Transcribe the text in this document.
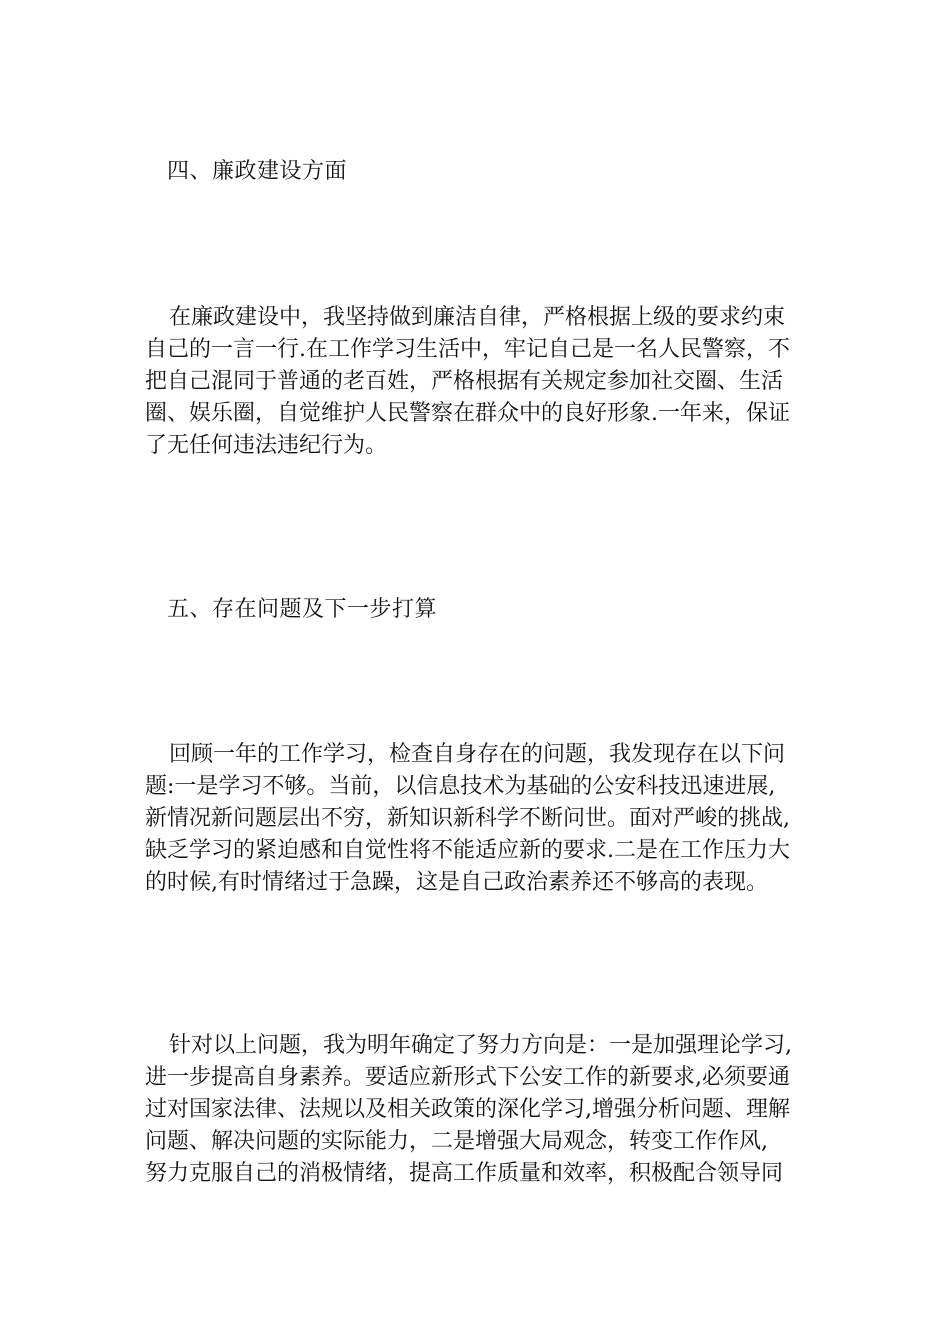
四、廉政建设方面
在廉政建设中，我坚持做到廉洁自律，严格根据上级的要求约束
自己的一言一行.在工作学习生活中，牢记自己是一名人民警察，不
把自己混同于普通的老百姓，严格根据有关规定参加社交圈、生活
圈、娱乐圈，自觉维护人民警察在群众中的良好形象.一年来，保证
了无任何违法违纪行为。
五、存在问题及下一步打算
回顾一年的工作学习，检查自身存在的问题，我发现存在以下问
题:一是学习不够。当前，以信息技术为基础的公安科技迅速进展,
新情况新问题层出不穷，新知识新科学不断问世。面对严峻的挑战,
缺乏学习的紧迫感和自觉性将不能适应新的要求.二是在工作压力大
的时候,有时情绪过于急躁，这是自己政治素养还不够高的表现。
针对以上问题，我为明年确定了努力方向是：一是加强理论学习,
进一步提高自身素养。要适应新形式下公安工作的新要求,必须要通
过对国家法律、法规以及相关政策的深化学习,增强分析问题、理解
问题、解决问题的实际能力，二是增强大局观念，转变工作作风,
努力克服自己的消极情绪，提高工作质量和效率，积极配合领导同
